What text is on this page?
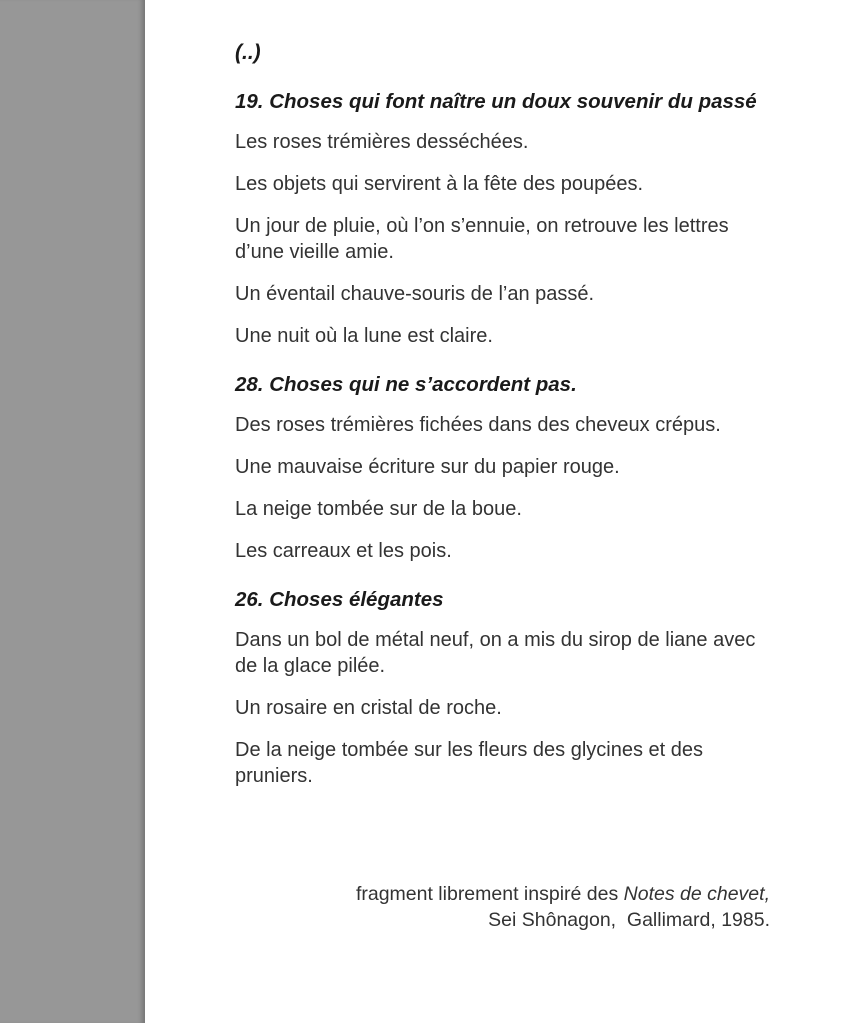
(..)

19. Choses qui font naître un doux souvenir du passé

Les roses trémières desséchées.

Les objets qui servirent à la fête des poupées.

Un jour de pluie, où l’on s’ennuie, on retrouve les lettres d’une vieille amie.

Un éventail chauve-souris de l’an passé.

Une nuit où la lune est claire.

28. Choses qui ne s’accordent pas.

Des roses trémières fichées dans des cheveux crépus.

Une mauvaise écriture sur du papier rouge.

La neige tombée sur de la boue.

Les carreaux et les pois.

26. Choses élégantes

Dans un bol de métal neuf, on a mis du sirop de liane avec de la glace pilée.

Un rosaire en cristal de roche.

De la neige tombée sur les fleurs des glycines et des pruniers.

fragment librement inspiré des Notes de chevet,
Sei Shônagon,  Gallimard, 1985.
